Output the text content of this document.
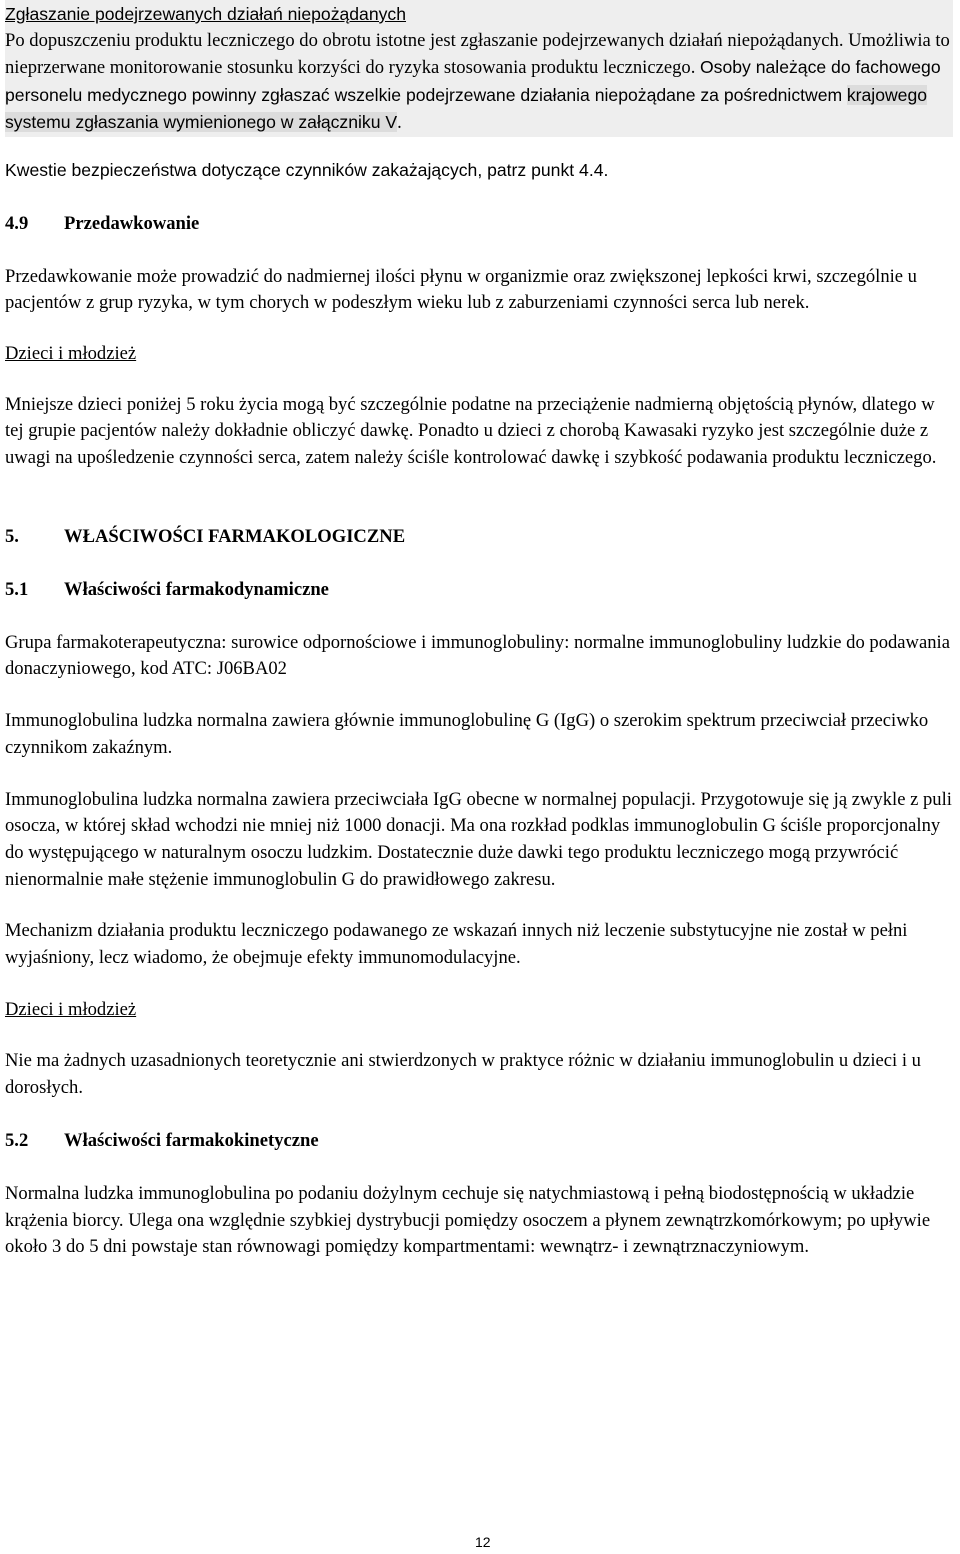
Zgłaszanie podejrzewanych działań niepożądanych
Po dopuszczeniu produktu leczniczego do obrotu istotne jest zgłaszanie podejrzewanych działań niepożądanych. Umożliwia to nieprzerwane monitorowanie stosunku korzyści do ryzyka stosowania produktu leczniczego. Osoby należące do fachowego personelu medycznego powinny zgłaszać wszelkie podejrzewane działania niepożądane za pośrednictwem krajowego systemu zgłaszania wymienionego w załączniku V.

Kwestie bezpieczeństwa dotyczące czynników zakażających, patrz punkt 4.4.

4.9	Przedawkowanie

Przedawkowanie może prowadzić do nadmiernej ilości płynu w organizmie oraz zwiększonej lepkości krwi, szczególnie u pacjentów z grup ryzyka, w tym chorych w podeszłym wieku lub z zaburzeniami czynności serca lub nerek.

Dzieci i młodzież

Mniejsze dzieci poniżej 5 roku życia mogą być szczególnie podatne na przeciążenie nadmierną objętością płynów, dlatego w tej grupie pacjentów należy dokładnie obliczyć dawkę. Ponadto u dzieci z chorobą Kawasaki ryzyko jest szczególnie duże z uwagi na upośledzenie czynności serca, zatem należy ściśle kontrolować dawkę i szybkość podawania produktu leczniczego.

5.	WŁAŚCIWOŚCI FARMAKOLOGICZNE
5.1	Właściwości farmakodynamiczne

Grupa farmakoterapeutyczna: surowice odpornościowe i immunoglobuliny: normalne immunoglobuliny ludzkie do podawania donaczyniowego, kod ATC: J06BA02

Immunoglobulina ludzka normalna zawiera głównie immunoglobulinę G (IgG) o szerokim spektrum przeciwciał przeciwko czynnikom zakaźnym.

Immunoglobulina ludzka normalna zawiera przeciwciała IgG obecne w normalnej populacji. Przygotowuje się ją zwykle z puli osocza, w której skład wchodzi nie mniej niż 1000 donacji. Ma ona rozkład podklas immunoglobulin G ściśle proporcjonalny do występującego w naturalnym osoczu ludzkim. Dostatecznie duże dawki tego produktu leczniczego mogą przywrócić nienormalnie małe stężenie immunoglobulin G do prawidłowego zakresu.

Mechanizm działania produktu leczniczego podawanego ze wskazań innych niż leczenie substytucyjne nie został w pełni wyjaśniony, lecz wiadomo, że obejmuje efekty immunomodulacyjne.

Dzieci i młodzież

Nie ma żadnych uzasadnionych teoretycznie ani stwierdzonych w praktyce różnic w działaniu immunoglobulin u dzieci i u dorosłych.

5.2	Właściwości farmakokinetyczne

Normalna ludzka immunoglobulina po podaniu dożylnym cechuje się natychmiastową i pełną biodostępnością w układzie krążenia biorcy. Ulega ona względnie szybkiej dystrybucji pomiędzy osoczem a płynem zewnątrzkomórkowym; po upływie około 3 do 5 dni powstaje stan równowagi pomiędzy kompartmentami: wewnątrz- i zewnątrznaczyniowym.

12
